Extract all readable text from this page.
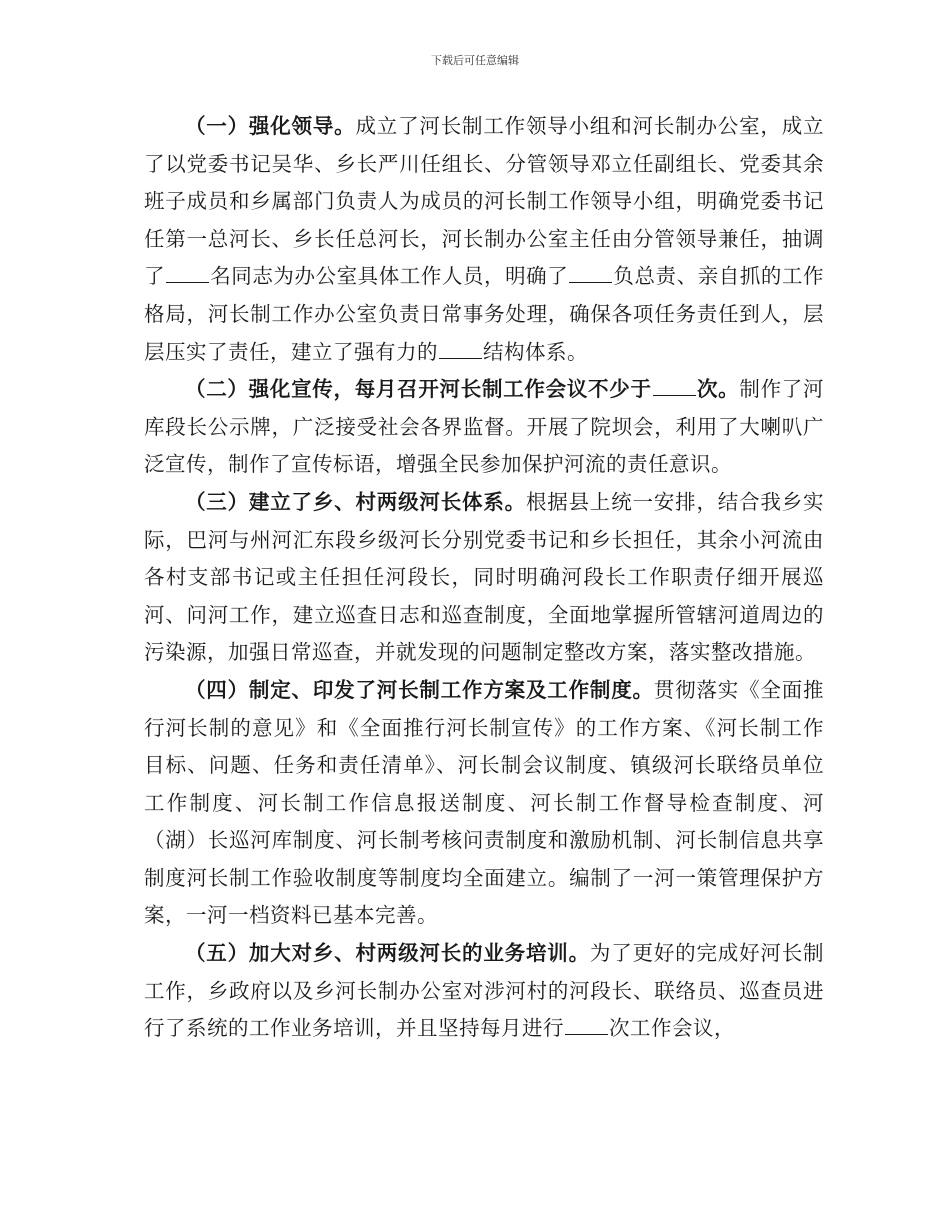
下载后可任意编辑

（一）强化领导。成立了河长制工作领导小组和河长制办公室，成立了以党委书记吴华、乡长严川任组长、分管领导邓立任副组长、党委其余班子成员和乡属部门负责人为成员的河长制工作领导小组，明确党委书记任第一总河长、乡长任总河长，河长制办公室主任由分管领导兼任，抽调了 名同志为办公室具体工作人员，明确了 负总责、亲自抓的工作格局，河长制工作办公室负责日常事务处理，确保各项任务责任到人，层层压实了责任，建立了强有力的 结构体系。

（二）强化宣传，每月召开河长制工作会议不少于 次。制作了河库段长公示牌，广泛接受社会各界监督。开展了院坝会，利用了大喇叭广泛宣传，制作了宣传标语，增强全民参加保护河流的责任意识。

（三）建立了乡、村两级河长体系。根据县上统一安排，结合我乡实际，巴河与州河汇东段乡级河长分别党委书记和乡长担任，其余小河流由各村支部书记或主任担任河段长，同时明确河段长工作职责仔细开展巡河、问河工作，建立巡查日志和巡查制度，全面地掌握所管辖河道周边的污染源，加强日常巡查，并就发现的问题制定整改方案，落实整改措施。

（四）制定、印发了河长制工作方案及工作制度。贯彻落实《全面推行河长制的意见》和《全面推行河长制宣传》的工作方案、《河长制工作目标、问题、任务和责任清单》、河长制会议制度、镇级河长联络员单位工作制度、河长制工作信息报送制度、河长制工作督导检查制度、河（湖）长巡河库制度、河长制考核问责制度和激励机制、河长制信息共享制度河长制工作验收制度等制度均全面建立。编制了一河一策管理保护方案，一河一档资料已基本完善。

（五）加大对乡、村两级河长的业务培训。为了更好的完成好河长制工作，乡政府以及乡河长制办公室对涉河村的河段长、联络员、巡查员进行了系统的工作业务培训，并且坚持每月进行 次工作会议，
